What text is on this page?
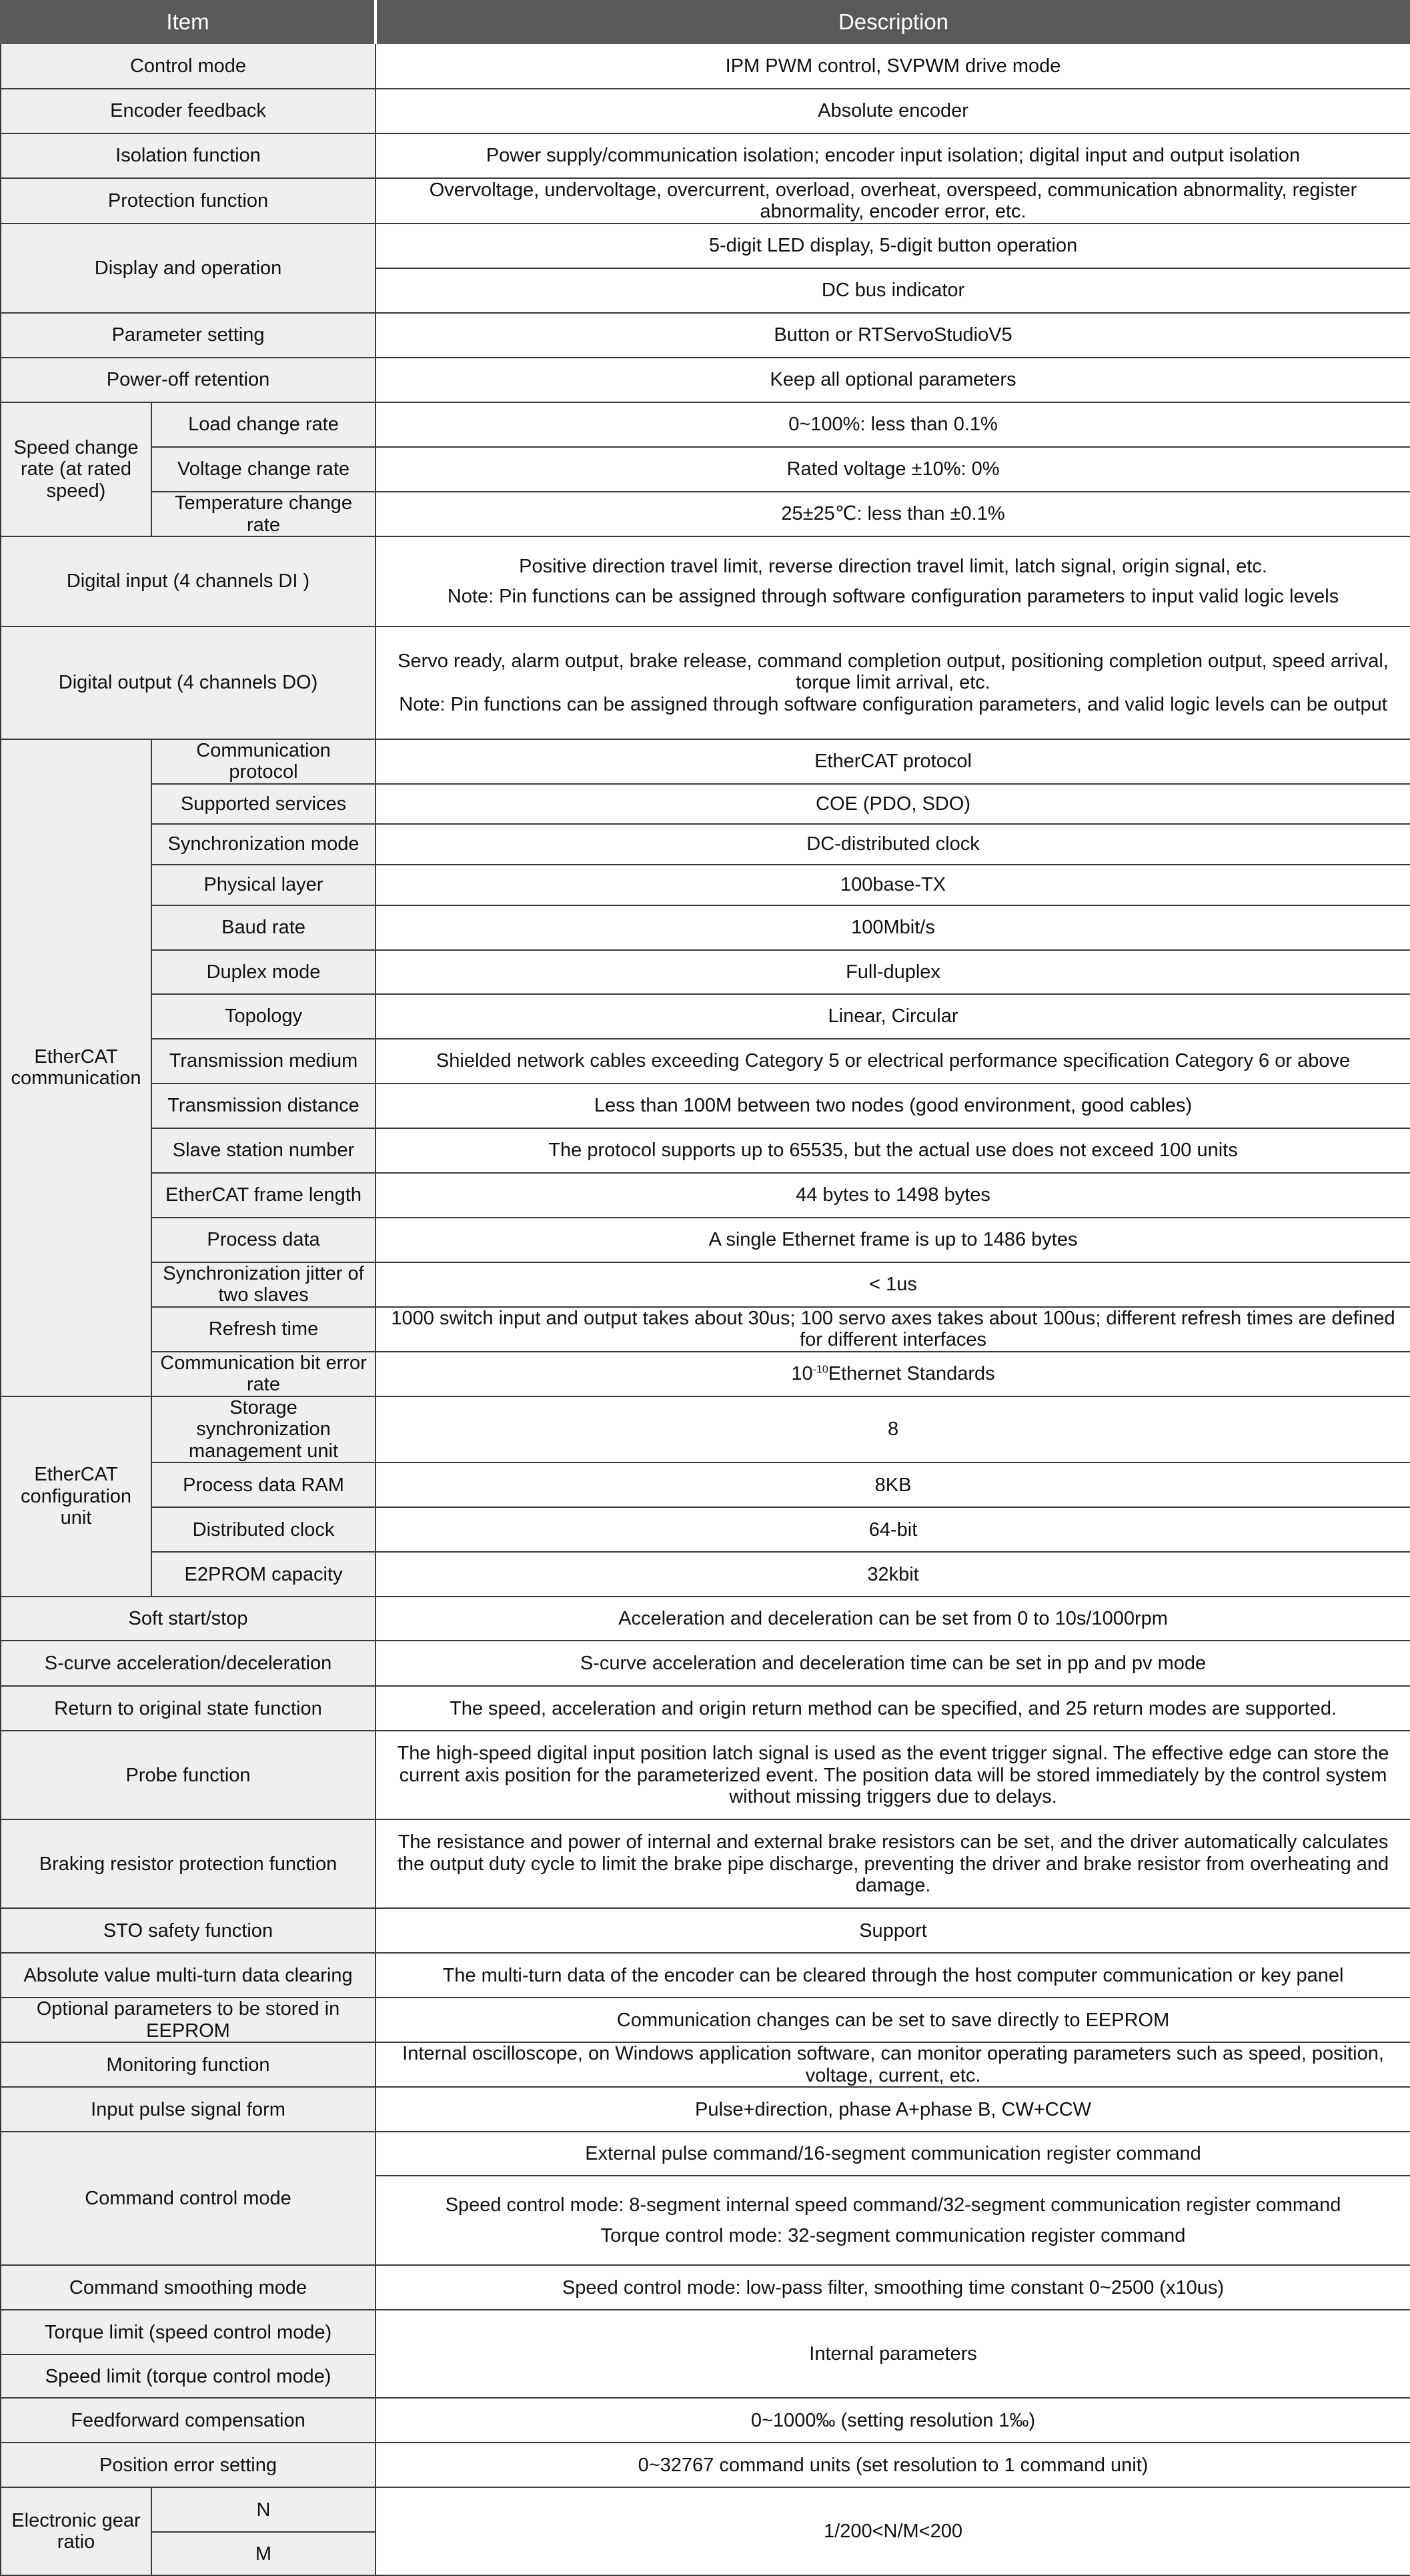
Item		Description
Control mode		IPM PWM control, SVPWM drive mode
Encoder feedback		Absolute encoder
Isolation function		Power supply/communication isolation; encoder input isolation; digital input and output isolation
Protection function		Overvoltage, undervoltage, overcurrent, overload, overheat, overspeed, communication abnormality, register abnormality, encoder error, etc.
Display and operation		5-digit LED display, 5-digit button operation
		DC bus indicator
Parameter setting		Button or RTServoStudioV5
Power-off retention		Keep all optional parameters
Speed change rate (at rated speed)	Load change rate	0~100%: less than 0.1%
	Voltage change rate	Rated voltage ±10%: 0%
	Temperature change rate	25±25℃: less than ±0.1%
Digital input (4 channels DI )		Positive direction travel limit, reverse direction travel limit, latch signal, origin signal, etc.
Note: Pin functions can be assigned through software configuration parameters to input valid logic levels

Digital output (4 channels DO)		Servo ready, alarm output, brake release, command completion output, positioning completion output, speed arrival, torque limit arrival, etc.
Note: Pin functions can be assigned through software configuration parameters, and valid logic levels can be output

EtherCAT communication	Communication protocol	EtherCAT protocol
	Supported services	COE (PDO, SDO)
	Synchronization mode	DC-distributed clock
	Physical layer	100base-TX
	Baud rate	100Mbit/s
	Duplex mode	Full-duplex
	Topology	Linear, Circular
	Transmission medium	Shielded network cables exceeding Category 5 or electrical performance specification Category 6 or above
	Transmission distance	Less than 100M between two nodes (good environment, good cables)
	Slave station number	The protocol supports up to 65535, but the actual use does not exceed 100 units
	EtherCAT frame length	44 bytes to 1498 bytes
	Process data	A single Ethernet frame is up to 1486 bytes
	Synchronization jitter of two slaves	< 1us
	Refresh time	1000 switch input and output takes about 30us; 100 servo axes takes about 100us; different refresh times are defined for different interfaces
	Communication bit error rate	$10^{-10}Ethernet$ Standards
EtherCAT configuration unit	Storage synchronization management unit	8
	Process data RAM	8KB
	Distributed clock	64-bit
	E2PROM capacity	32kbit
Soft start/stop		Acceleration and deceleration can be set from 0 to 10s/1000rpm
S-curve acceleration/deceleration		S-curve acceleration and deceleration time can be set in pp and pv mode
Return to original state function		The speed, acceleration and origin return method can be specified, and 25 return modes are supported.
Probe function		The high-speed digital input position latch signal is used as the event trigger signal. The effective edge can store the current axis position for the parameterized event. The position data will be stored immediately by the control system without missing triggers due to delays.
Braking resistor protection function		The resistance and power of internal and external brake resistors can be set, and the driver automatically calculates the output duty cycle to limit the brake pipe discharge, preventing the driver and brake resistor from overheating and damage.
STO safety function		Support
Absolute value multi-turn data clearing		The multi-turn data of the encoder can be cleared through the host computer communication or key panel
Optional parameters to be stored in EEPROM		Communication changes can be set to save directly to EEPROM
Monitoring function		Internal oscilloscope, on Windows application software, can monitor operating parameters such as speed, position, voltage, current, etc.
Input pulse signal form		Pulse+direction, phase A+phase B, CW+CCW
Command control mode		External pulse command/16-segment communication register command

		Speed control mode: 8-segment internal speed command/32-segment communication register command
Torque control mode: 32-segment communication register command

Command smoothing mode		Speed control mode: low-pass filter, smoothing time constant 0~2500 (x10us)
Torque limit (speed control mode)		Internal parameters
Speed limit (torque control mode)		
Feedforward compensation		0~1000‰ (setting resolution 1‰)
Position error setting		0~32767 command units (set resolution to 1 command unit)
Electronic gear ratio	N	1/200<N/M<200
	M	
